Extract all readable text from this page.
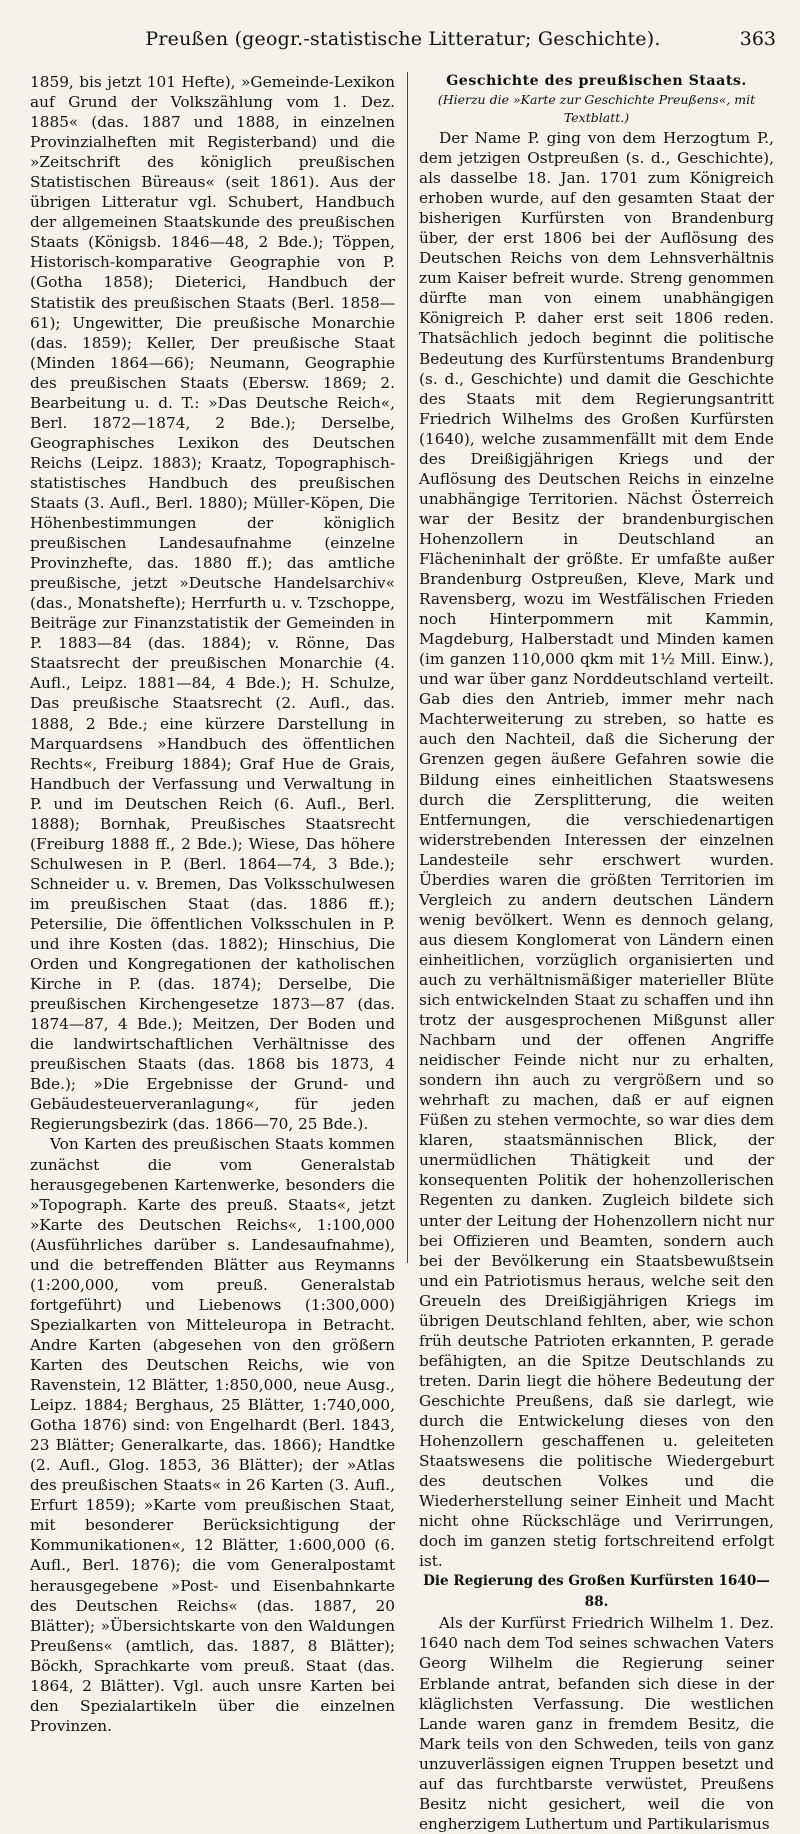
Preußen (geogr.-statistische Litteratur; Geschichte).	363

1859, bis jetzt 101 Hefte), »Gemeinde-Lexikon auf Grund der Volkszählung vom 1. Dez. 1885« (das. 1887 und 1888, in einzelnen Provinzialheften mit Registerband) und die »Zeitschrift des königlich preußischen Statistischen Büreaus« (seit 1861). Aus der übrigen Litteratur vgl. Schubert, Handbuch der allgemeinen Staatskunde des preußischen Staats (Königsb. 1846—48, 2 Bde.); Töppen, Historisch-komparative Geographie von P. (Gotha 1858); Dieterici, Handbuch der Statistik des preußischen Staats (Berl. 1858—61); Ungewitter, Die preußische Monarchie (das. 1859); Keller, Der preußische Staat (Minden 1864—66); Neumann, Geographie des preußischen Staats (Ebersw. 1869; 2. Bearbeitung u. d. T.: »Das Deutsche Reich«, Berl. 1872—1874, 2 Bde.); Derselbe, Geographisches Lexikon des Deutschen Reichs (Leipz. 1883); Kraatz, Topographisch-statistisches Handbuch des preußischen Staats (3. Aufl., Berl. 1880); Müller-Köpen, Die Höhenbestimmungen der königlich preußischen Landesaufnahme (einzelne Provinzhefte, das. 1880 ff.); das amtliche preußische, jetzt »Deutsche Handelsarchiv« (das., Monatshefte); Herrfurth u. v. Tzschoppe, Beiträge zur Finanzstatistik der Gemeinden in P. 1883—84 (das. 1884); v. Rönne, Das Staatsrecht der preußischen Monarchie (4. Aufl., Leipz. 1881—84, 4 Bde.); H. Schulze, Das preußische Staatsrecht (2. Aufl., das. 1888, 2 Bde.; eine kürzere Darstellung in Marquardsens »Handbuch des öffentlichen Rechts«, Freiburg 1884); Graf Hue de Grais, Handbuch der Verfassung und Verwaltung in P. und im Deutschen Reich (6. Aufl., Berl. 1888); Bornhak, Preußisches Staatsrecht (Freiburg 1888 ff., 2 Bde.); Wiese, Das höhere Schulwesen in P. (Berl. 1864—74, 3 Bde.); Schneider u. v. Bremen, Das Volksschulwesen im preußischen Staat (das. 1886 ff.); Petersilie, Die öffentlichen Volksschulen in P. und ihre Kosten (das. 1882); Hinschius, Die Orden und Kongregationen der katholischen Kirche in P. (das. 1874); Derselbe, Die preußischen Kirchengesetze 1873—87 (das. 1874—87, 4 Bde.); Meitzen, Der Boden und die landwirtschaftlichen Verhältnisse des preußischen Staats (das. 1868 bis 1873, 4 Bde.); »Die Ergebnisse der Grund- und Gebäudesteuerveranlagung«, für jeden Regierungsbezirk (das. 1866—70, 25 Bde.).

Von Karten des preußischen Staats kommen zunächst die vom Generalstab herausgegebenen Kartenwerke, besonders die »Topograph. Karte des preuß. Staats«, jetzt »Karte des Deutschen Reichs«, 1:100,000 (Ausführliches darüber s. Landesaufnahme), und die betreffenden Blätter aus Reymanns (1:200,000, vom preuß. Generalstab fortgeführt) und Liebenows (1:300,000) Spezialkarten von Mitteleuropa in Betracht. Andre Karten (abgesehen von den größern Karten des Deutschen Reichs, wie von Ravenstein, 12 Blätter, 1:850,000, neue Ausg., Leipz. 1884; Berghaus, 25 Blätter, 1:740,000, Gotha 1876) sind: von Engelhardt (Berl. 1843, 23 Blätter; Generalkarte, das. 1866); Handtke (2. Aufl., Glog. 1853, 36 Blätter); der »Atlas des preußischen Staats« in 26 Karten (3. Aufl., Erfurt 1859); »Karte vom preußischen Staat, mit besonderer Berücksichtigung der Kommunikationen«, 12 Blätter, 1:600,000 (6. Aufl., Berl. 1876); die vom Generalpostamt herausgegebene »Post- und Eisenbahnkarte des Deutschen Reichs« (das. 1887, 20 Blätter); »Übersichtskarte von den Waldungen Preußens« (amtlich, das. 1887, 8 Blätter); Böckh, Sprachkarte vom preuß. Staat (das. 1864, 2 Blätter). Vgl. auch unsre Karten bei den Spezialartikeln über die einzelnen Provinzen.

Geschichte des preußischen Staats.
(Hierzu die »Karte zur Geschichte Preußens«, mit Textblatt.)

Der Name P. ging von dem Herzogtum P., dem jetzigen Ostpreußen (s. d., Geschichte), als dasselbe 18. Jan. 1701 zum Königreich erhoben wurde, auf den gesamten Staat der bisherigen Kurfürsten von Brandenburg über, der erst 1806 bei der Auflösung des Deutschen Reichs von dem Lehnsverhältnis zum Kaiser befreit wurde. Streng genommen dürfte man von einem unabhängigen Königreich P. daher erst seit 1806 reden. Thatsächlich jedoch beginnt die politische Bedeutung des Kurfürstentums Brandenburg (s. d., Geschichte) und damit die Geschichte des Staats mit dem Regierungsantritt Friedrich Wilhelms des Großen Kurfürsten (1640), welche zusammenfällt mit dem Ende des Dreißigjährigen Kriegs und der Auflösung des Deutschen Reichs in einzelne unabhängige Territorien. Nächst Österreich war der Besitz der brandenburgischen Hohenzollern in Deutschland an Flächeninhalt der größte. Er umfaßte außer Brandenburg Ostpreußen, Kleve, Mark und Ravensberg, wozu im Westfälischen Frieden noch Hinterpommern mit Kammin, Magdeburg, Halberstadt und Minden kamen (im ganzen 110,000 qkm mit 1½ Mill. Einw.), und war über ganz Norddeutschland verteilt. Gab dies den Antrieb, immer mehr nach Machterweiterung zu streben, so hatte es auch den Nachteil, daß die Sicherung der Grenzen gegen äußere Gefahren sowie die Bildung eines einheitlichen Staatswesens durch die Zersplitterung, die weiten Entfernungen, die verschiedenartigen widerstrebenden Interessen der einzelnen Landesteile sehr erschwert wurden. Überdies waren die größten Territorien im Vergleich zu andern deutschen Ländern wenig bevölkert. Wenn es dennoch gelang, aus diesem Konglomerat von Ländern einen einheitlichen, vorzüglich organisierten und auch zu verhältnismäßiger materieller Blüte sich entwickelnden Staat zu schaffen und ihn trotz der ausgesprochenen Mißgunst aller Nachbarn und der offenen Angriffe neidischer Feinde nicht nur zu erhalten, sondern ihn auch zu vergrößern und so wehrhaft zu machen, daß er auf eignen Füßen zu stehen vermochte, so war dies dem klaren, staatsmännischen Blick, der unermüdlichen Thätigkeit und der konsequenten Politik der hohenzollerischen Regenten zu danken. Zugleich bildete sich unter der Leitung der Hohenzollern nicht nur bei Offizieren und Beamten, sondern auch bei der Bevölkerung ein Staatsbewußtsein und ein Patriotismus heraus, welche seit den Greueln des Dreißigjährigen Kriegs im übrigen Deutschland fehlten, aber, wie schon früh deutsche Patrioten erkannten, P. gerade befähigten, an die Spitze Deutschlands zu treten. Darin liegt die höhere Bedeutung der Geschichte Preußens, daß sie darlegt, wie durch die Entwickelung dieses von den Hohenzollern geschaffenen u. geleiteten Staatswesens die politische Wiedergeburt des deutschen Volkes und die Wiederherstellung seiner Einheit und Macht nicht ohne Rückschläge und Verirrungen, doch im ganzen stetig fortschreitend erfolgt ist.

Die Regierung des Großen Kurfürsten 1640—88.

Als der Kurfürst Friedrich Wilhelm 1. Dez. 1640 nach dem Tod seines schwachen Vaters Georg Wilhelm die Regierung seiner Erblande antrat, befanden sich diese in der kläglichsten Verfassung. Die westlichen Lande waren ganz in fremdem Besitz, die Mark teils von den Schweden, teils von ganz unzuverlässigen eignen Truppen besetzt und auf das furchtbarste verwüstet, Preußens Besitz nicht gesichert, weil die von engherzigem Luthertum und Partikularismus
